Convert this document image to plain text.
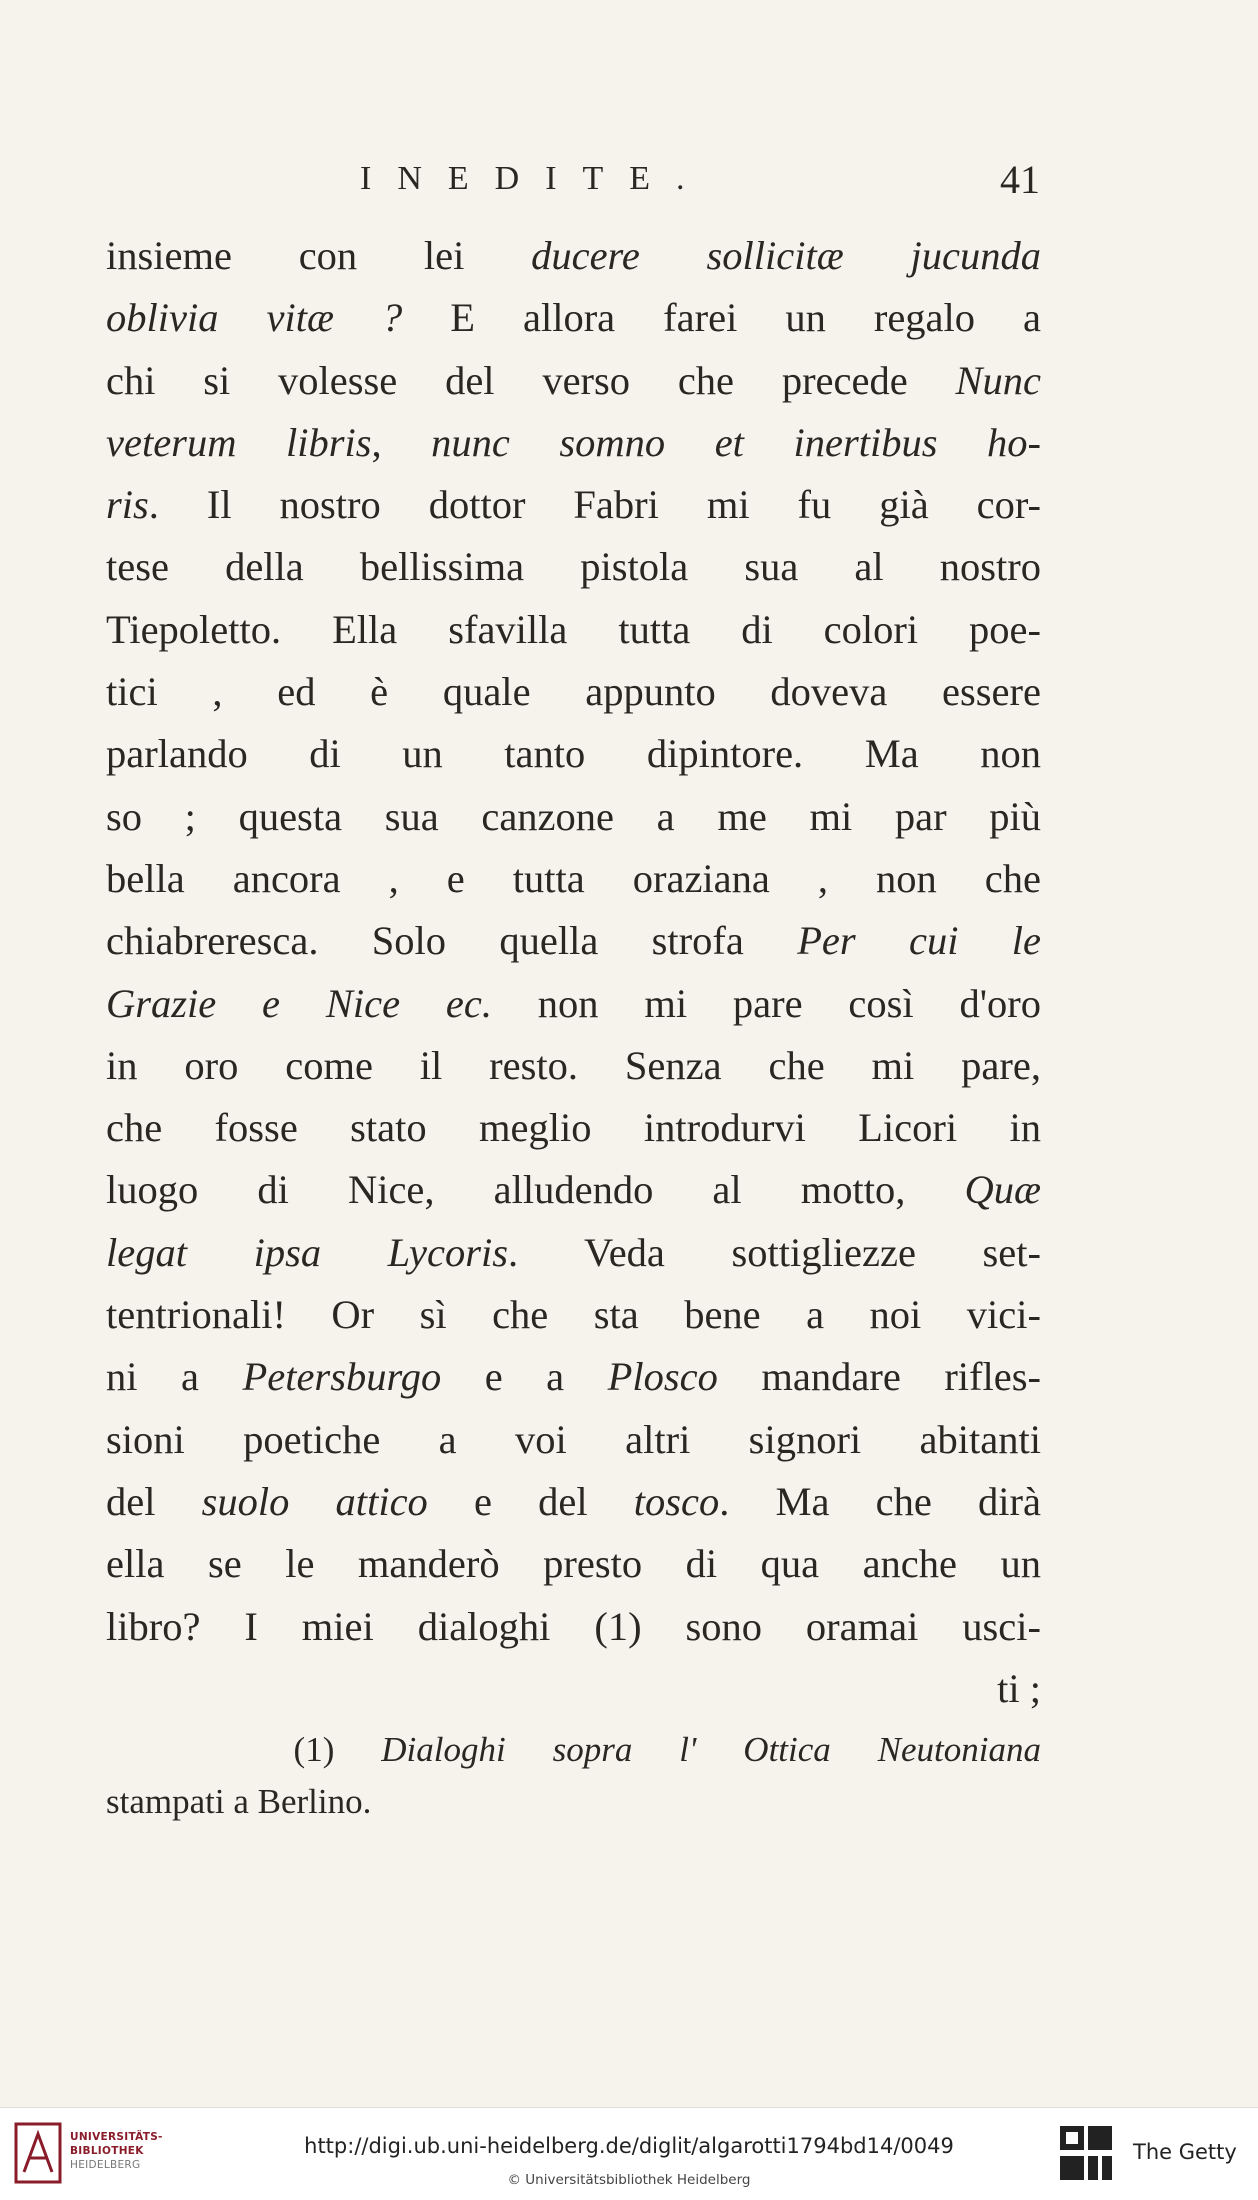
INEDITE.	41
insieme con lei ducere sollicitæ jucunda
oblivia vitæ ? E allora farei un regalo a
chi si volesse del verso che precede Nunc
veterum libris, nunc somno et inertibus ho-
ris. Il nostro dottor Fabri mi fu già cor-
tese della bellissima pistola sua al nostro
Tiepoletto. Ella sfavilla tutta di colori poe-
tici , ed è quale appunto doveva essere
parlando di un tanto dipintore. Ma non
so ; questa sua canzone a me mi par più
bella ancora , e tutta oraziana , non che
chiabreresca. Solo quella strofa Per cui le
Grazie e Nice ec. non mi pare così d'oro
in oro come il resto. Senza che mi pare,
che fosse stato meglio introdurvi Licori in
luogo di Nice, alludendo al motto, Quæ
legat ipsa Lycoris. Veda sottigliezze set-
tentrionali! Or sì che sta bene a noi vici-
ni a Petersburgo e a Plosco mandare rifles-
sioni poetiche a voi altri signori abitanti
del suolo attico e del tosco. Ma che dirà
ella se le manderò presto di qua anche un
libro? I miei dialoghi (1) sono oramai usci-
ti ;
(1) Dialoghi sopra l' Ottica Neutoniana
stampati a Berlino.
UNIVERSITÄTS-
BIBLIOTHEK
HEIDELBERG
http://digi.ub.uni-heidelberg.de/diglit/algarotti1794bd14/0049
© Universitätsbibliothek Heidelberg
The Getty
